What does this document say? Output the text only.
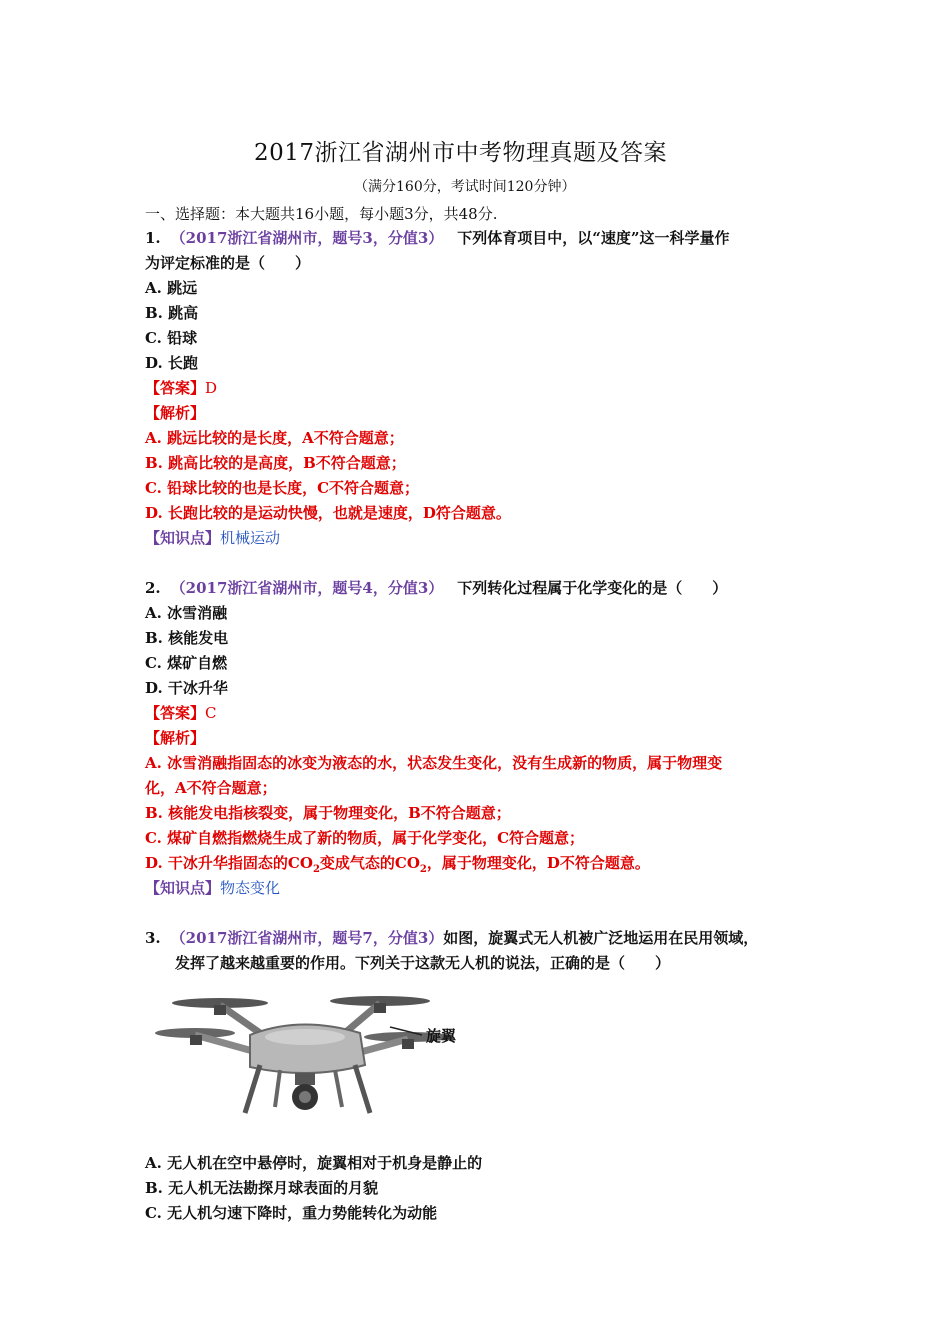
2017浙江省湖州市中考物理真题及答案
（满分160分，考试时间120分钟）
一、选择题：本大题共16小题，每小题3分，共48分.
1. （2017浙江省湖州市，题号3，分值3） 下列体育项目中，以“速度”这一科学量作
为评定标准的是（　　）
A. 跳远
B. 跳高
C. 铅球
D. 长跑
【答案】D
【解析】
A. 跳远比较的是长度，A不符合题意；
B. 跳高比较的是高度，B不符合题意；
C. 铅球比较的也是长度，C不符合题意；
D. 长跑比较的是运动快慢，也就是速度，D符合题意。
【知识点】机械运动
2. （2017浙江省湖州市，题号4，分值3） 下列转化过程属于化学变化的是（　　）
A. 冰雪消融
B. 核能发电
C. 煤矿自燃
D. 干冰升华
【答案】C
【解析】
A. 冰雪消融指固态的冰变为液态的水，状态发生变化，没有生成新的物质，属于物理变
化，A不符合题意；
B. 核能发电指核裂变，属于物理变化，B不符合题意；
C. 煤矿自燃指燃烧生成了新的物质，属于化学变化，C符合题意；
D. 干冰升华指固态的$CO_2$变成气态的$CO_2$，属于物理变化，D不符合题意。
【知识点】物态变化
3. （2017浙江省湖州市，题号7，分值3）如图，旋翼式无人机被广泛地运用在民用领域，
发挥了越来越重要的作用。下列关于这款无人机的说法，正确的是（　　）
旋翼
A. 无人机在空中悬停时，旋翼相对于机身是静止的
B. 无人机无法勘探月球表面的月貌
C. 无人机匀速下降时，重力势能转化为动能
